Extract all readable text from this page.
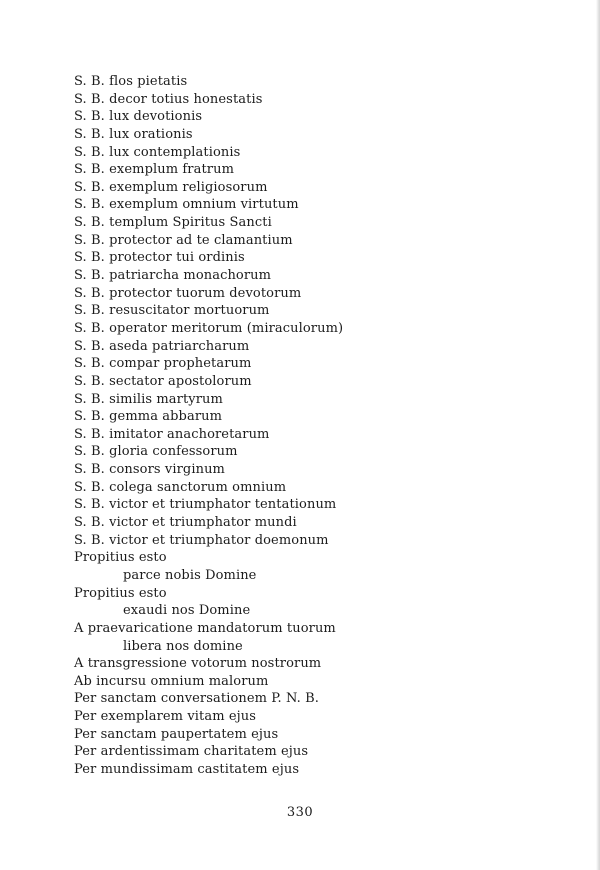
S. B. flos pietatis
S. B. decor totius honestatis
S. B. lux devotionis
S. B. lux orationis
S. B. lux contemplationis
S. B. exemplum fratrum
S. B. exemplum religiosorum
S. B. exemplum omnium virtutum
S. B. templum Spiritus Sancti
S. B. protector ad te clamantium
S. B. protector tui ordinis
S. B. patriarcha monachorum
S. B. protector tuorum devotorum
S. B. resuscitator mortuorum
S. B. operator meritorum (miraculorum)
S. B. aseda patriarcharum
S. B. compar prophetarum
S. B. sectator apostolorum
S. B. similis martyrum
S. B. gemma abbarum
S. B. imitator anachoretarum
S. B. gloria confessorum
S. B. consors virginum
S. B. colega sanctorum omnium
S. B. victor et triumphator tentationum
S. B. victor et triumphator mundi
S. B. victor et triumphator doemonum
Propitius esto
parce nobis Domine
Propitius esto
exaudi nos Domine
A praevaricatione mandatorum tuorum
libera nos domine
A transgressione votorum nostrorum
Ab incursu omnium malorum
Per sanctam conversationem P. N. B.
Per exemplarem vitam ejus
Per sanctam paupertatem ejus
Per ardentissimam charitatem ejus
Per mundissimam castitatem ejus
330
